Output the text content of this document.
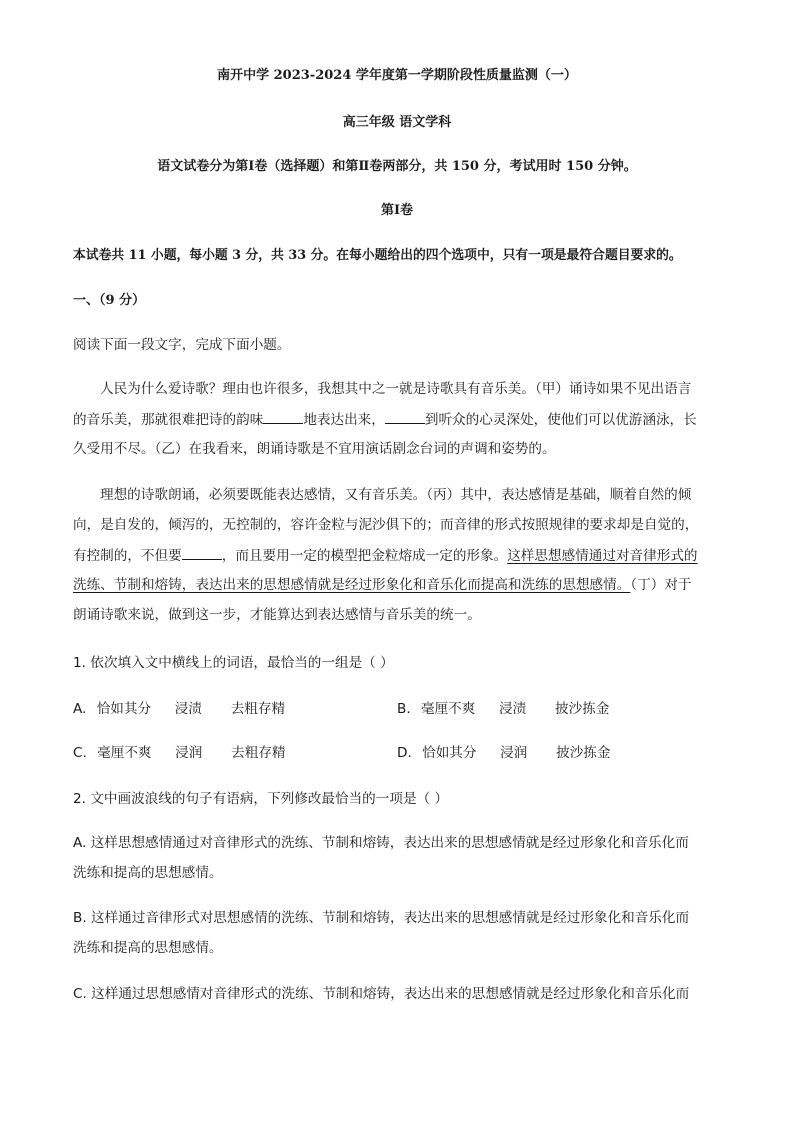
南开中学 2023-2024 学年度第一学期阶段性质量监测（一）
高三年级 语文学科
语文试卷分为第Ⅰ卷（选择题）和第Ⅱ卷两部分，共 150 分，考试用时 150 分钟。
第Ⅰ卷
本试卷共 11 小题，每小题 3 分，共 33 分。在每小题给出的四个选项中，只有一项是最符合题目要求的。
一、（9 分）
阅读下面一段文字，完成下面小题。
人民为什么爱诗歌？理由也许很多，我想其中之一就是诗歌具有音乐美。（甲）诵诗如果不见出语言
的音乐美，那就很难把诗的韵味	地表达出来，	到听众的心灵深处，使他们可以优游涵泳，长
久受用不尽。（乙）在我看来，朗诵诗歌是不宜用演话剧念台词的声调和姿势的。
理想的诗歌朗诵，必须要既能表达感情，又有音乐美。（丙）其中，表达感情是基础，顺着自然的倾
向，是自发的，倾泻的，无控制的，容许金粒与泥沙俱下的；而音律的形式按照规律的要求却是自觉的，
有控制的，不但要	，而且要用一定的模型把金粒熔成一定的形象。这样思想感情通过对音律形式的
洗练、节制和熔铸，表达出来的思想感情就是经过形象化和音乐化而提高和洗练的思想感情。（丁）对于
朗诵诗歌来说，做到这一步，才能算达到表达感情与音乐美的统一。
1. 依次填入文中横线上的词语，最恰当的一组是（ ）
A. 恰如其分 浸渍 去粗存精	B. 毫厘不爽 浸渍 披沙拣金
C. 毫厘不爽 浸润 去粗存精	D. 恰如其分 浸润 披沙拣金
2. 文中画波浪线的句子有语病，下列修改最恰当的一项是（ ）
A. 这样思想感情通过对音律形式的洗练、节制和熔铸，表达出来的思想感情就是经过形象化和音乐化而
洗练和提高的思想感情。
B. 这样通过音律形式对思想感情的洗练、节制和熔铸，表达出来的思想感情就是经过形象化和音乐化而
洗练和提高的思想感情。
C. 这样通过思想感情对音律形式的洗练、节制和熔铸，表达出来的思想感情就是经过形象化和音乐化而
